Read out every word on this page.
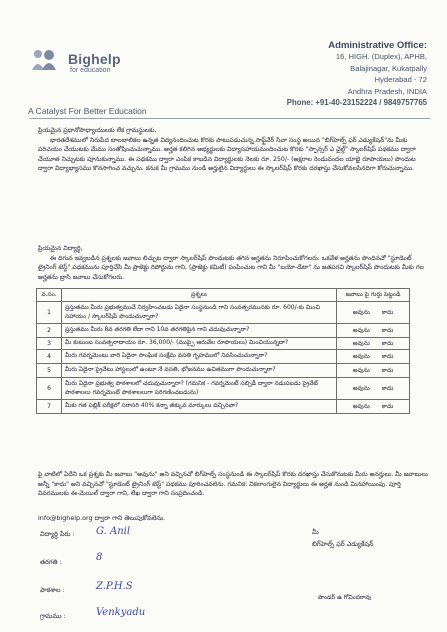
Bighelp
for education
A Catalyst For Better Education
Administrative Office:
16, HIGH. (Duplex), APHB,
Balajinagar, Kukatpally
Hyderabad - 72
Andhra Pradesh, INDIA
Phone: +91-40-23152224 / 9849757765
ప్రియమైన ప్రధానోపాధ్యాయులకు లేక గ్రామస్థులకు,
భారతదేశములో నిరుపేద బాలబాలికల ఉన్నత విద్యనందించుట కొరకు పాటుపడుచున్న సాఫ్ట్‌వేర్ సేవా సంస్థ అయిన "బిగ్‌హెల్ప్ ఫర్ ఎడ్యుకేషన్"ను మీకు పరిచయం చేయుటకు మేము సంతోషించుచున్నాము. అర్హత కలిగిన అభ్యర్థులకు విద్యాసహాయమందించుట కొరకు "స్పాన్సర్ ఎ చైల్డ్" స్కాలర్‌షిప్ పథకము ద్వారా చేయూత నిచ్చుటకు పూనుకున్నాము. ఈ పథకము ద్వారా ఎంపిక కాబడిన విద్యార్థులకు నెలకు రూ. 250/- (అక్షరాల రెండువందల యాభై రూపాయలు) పొందుట ద్వారా విద్యాభ్యాసము కొనసాగించ వచ్చును. కనుక మీ గ్రామము నుండి అర్హులైన విద్యార్థులు ఈ స్కాలర్‌షిప్ కొరకు దరఖాస్తు చేసుకోవలసినదిగా కోరుచున్నాము.
ప్రియమైన విద్యార్థి,
ఈ దిగువ ఇవ్వబడిన ప్రశ్నలకు జవాబు లిచ్చుట ద్వారా స్కాలర్‌షిప్ పొందుటకు తగిన అర్హతను నిరూపించుకోగలరు. ఒకవేళ అర్హతను పొందినచో "స్టూడెంట్ ట్రైనింగ్ టెస్ట్" పథకమును పూర్తిచేసి మీ ప్రాజెక్టు రిపోర్టును గాని, (ప్రాజెక్టు కమిటీ) పంపించుట గాని మీ "బయో-డేటా" ను జతపరచి స్కాలర్‌షిప్ పొందుటకు మీకు గల అర్హతను బ్రాసి జవాబు చేసుకోగలరు.
వ.సం.	ప్రశ్నలు	జవాబు పై గుర్తు పెట్టండి
1	ప్రస్తుతము మీరు ప్రభుత్వముచే నిర్వహించబడు ఏదైనా సంస్థనుండి గాని సంవత్సరమునకు రూ. 600/-కు మించి సహాయం / స్కాలర్‌షిప్ పొందుచున్నారా?	అవును కాదు
2	ప్రస్తుతము మీరు 8వ తరగతి లేదా గాని 10వ తరగతిపైన గాని చదువుచున్నారా?	అవును కాదు
3	మీ కుటుంబ సంవత్సరాదాయం రూ. 36,000/- (ముప్పై ఆరువేల రూపాయలు) మించియున్నదా?	అవును కాదు
4	మీరు గవర్నమెంటు వారి ఏదైనా సాంఘిక సంక్షేమ వసతి గృహములో నివసించుచున్నారా?	అవును కాదు
5	మీరు ఏదైనా ప్రైవేటు హాస్టలులో ఉంటూ నే వసతి, భోజనము ఉచితముగా పొందుచున్నారా?	అవును కాదు
6	మీరు ఏదైనా ప్రభుత్వ పాఠశాలలో చదువుచున్నారా? (గమనిక - గవర్నమెంట్ సబ్సిడీ ద్వారా నడుపబడు ప్రైవేట్ పాఠశాలలు గవర్నమెంట్ పాఠశాలలుగా పరిగణించబడును)	అవును కాదు
7	మీకు గత పబ్లిక్ పరీక్షలో సరాసరి 40% కన్నా తక్కువ మార్కులు వచ్చినవా?	అవును కాదు
పై వాటిలో ఏదేని ఒక ప్రశ్నకు మీ జవాబు "అవును" అని వచ్చినచో బిగ్‌హెల్ప్ సంస్థనుండి ఈ స్కాలర్‌షిప్ కొరకు దరఖాస్తు చేసుకొనుటకు మీరు అనర్హులు. మీ జవాబులు అన్నీ "కాదు" అని వచ్చినచో "స్టూడెంట్ ట్రైనింగ్ టెస్ట్" పథకము పూరించవలెను. గమనిక: వికలాంగులైన విద్యార్థులు ఈ అర్హత నుండి మినహాయింపు. పూర్తి వివరములకు ఈ-మెయిల్ ద్వారా గాని, లేఖ ద్వారా గాని సంప్రదించండి.
info@bighelp.org ద్వారా గాని తెలుపుకోవలెను.
విద్యార్థి పేరు : G. Anil
తరగతి :	8
పాఠశాల :	Z.P.H.S
గ్రామము :	Venkyadu
మీ
బిగ్‌హెల్ప్ ఫర్ ఎడ్యుకేషన్
పాండర్ ఉ గోవిందరావు
